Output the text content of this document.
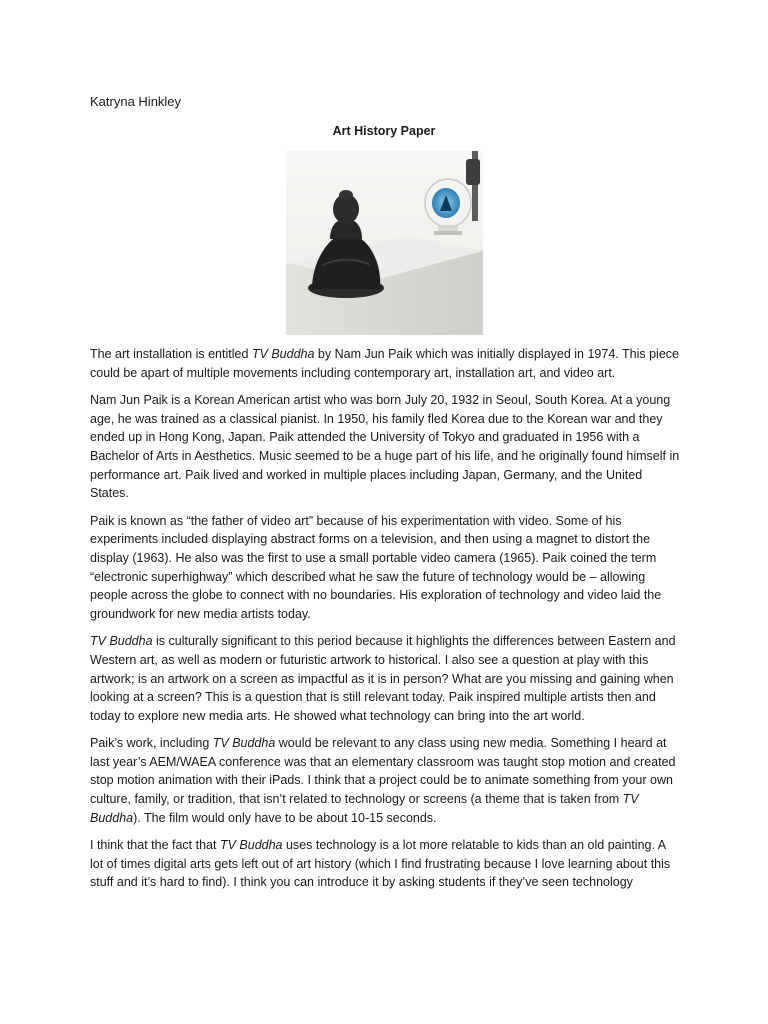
Katryna Hinkley
Art History Paper

The art installation is entitled TV Buddha by Nam Jun Paik which was initially displayed in 1974. This piece could be apart of multiple movements including contemporary art, installation art, and video art.

Nam Jun Paik is a Korean American artist who was born July 20, 1932 in Seoul, South Korea. At a young age, he was trained as a classical pianist. In 1950, his family fled Korea due to the Korean war and they ended up in Hong Kong, Japan. Paik attended the University of Tokyo and graduated in 1956 with a Bachelor of Arts in Aesthetics. Music seemed to be a huge part of his life, and he originally found himself in performance art. Paik lived and worked in multiple places including Japan, Germany, and the United States.

Paik is known as “the father of video art” because of his experimentation with video. Some of his experiments included displaying abstract forms on a television, and then using a magnet to distort the display (1963). He also was the first to use a small portable video camera (1965). Paik coined the term “electronic superhighway” which described what he saw the future of technology would be – allowing people across the globe to connect with no boundaries. His exploration of technology and video laid the groundwork for new media artists today.

TV Buddha is culturally significant to this period because it highlights the differences between Eastern and Western art, as well as modern or futuristic artwork to historical. I also see a question at play with this artwork; is an artwork on a screen as impactful as it is in person? What are you missing and gaining when looking at a screen? This is a question that is still relevant today. Paik inspired multiple artists then and today to explore new media arts. He showed what technology can bring into the art world.

Paik’s work, including TV Buddha would be relevant to any class using new media. Something I heard at last year’s AEM/WAEA conference was that an elementary classroom was taught stop motion and created stop motion animation with their iPads. I think that a project could be to animate something from your own culture, family, or tradition, that isn’t related to technology or screens (a theme that is taken from TV Buddha). The film would only have to be about 10-15 seconds.

I think that the fact that TV Buddha uses technology is a lot more relatable to kids than an old painting. A lot of times digital arts gets left out of art history (which I find frustrating because I love learning about this stuff and it’s hard to find). I think you can introduce it by asking students if they’ve seen technology
